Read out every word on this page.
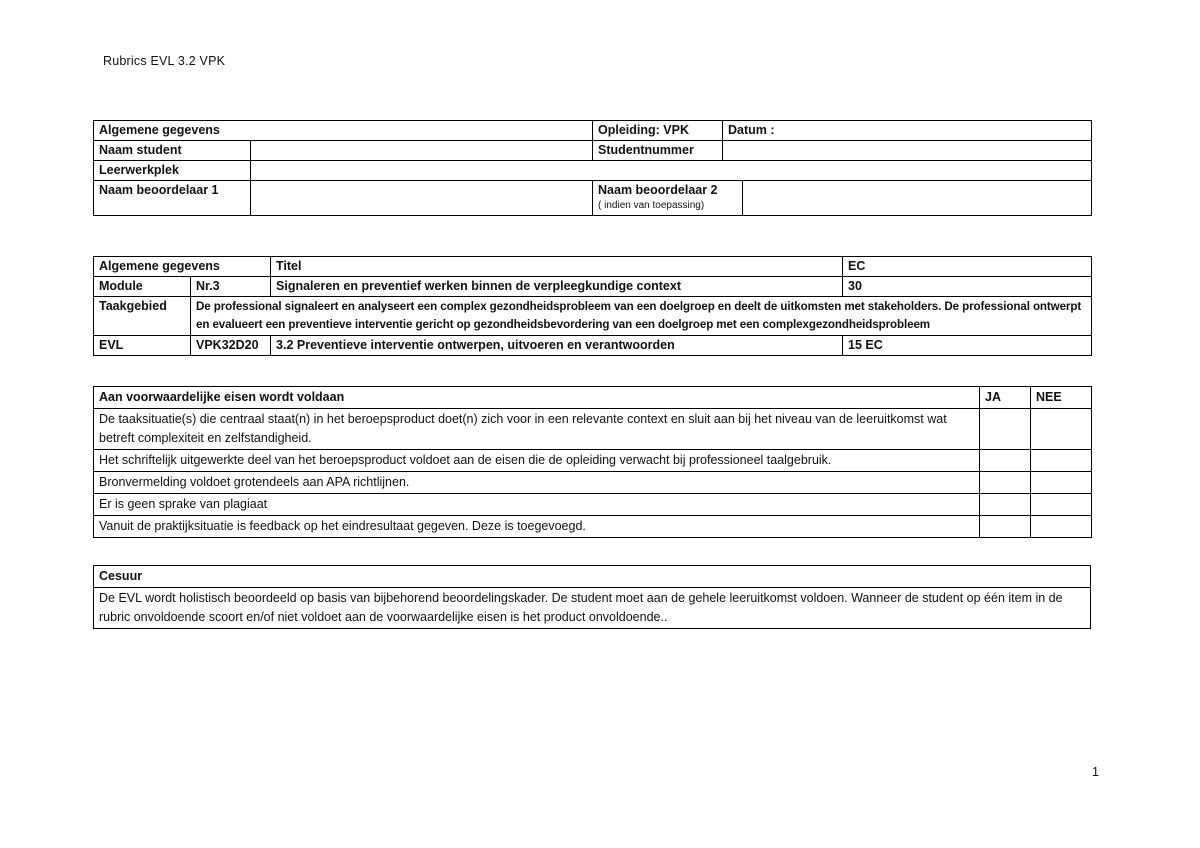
Rubrics EVL 3.2 VPK
Algemene gegevens		Opleiding: VPK	Datum :	
Naam student		Studentnummer		
Leerwerkplek				
Naam beoordelaar 1		Naam beoordelaar 2
( indien van toepassing)		

Algemene gegevens		Titel	EC
Module	Nr.3	Signaleren en preventief werken binnen de verpleegkundige context	30
Taakgebied	De professional signaleert en analyseert een complex gezondheidsprobleem van een doelgroep en deelt de uitkomsten met stakeholders. De professional ontwerpt en evalueert een preventieve interventie gericht op gezondheidsbevordering van een doelgroep met een complexgezondheidsprobleem		
EVL	VPK32D20	3.2 Preventieve interventie ontwerpen, uitvoeren en verantwoorden	15 EC
Aan voorwaardelijke eisen wordt voldaan	JA	NEE
De taaksituatie(s) die centraal staat(n) in het beroepsproduct doet(n) zich voor in een relevante context en sluit aan bij het niveau van de leeruitkomst wat betreft complexiteit en zelfstandigheid.		
Het schriftelijk uitgewerkte deel van het beroepsproduct voldoet aan de eisen die de opleiding verwacht bij professioneel taalgebruik.		
Bronvermelding voldoet grotendeels aan APA richtlijnen.		
Er is geen sprake van plagiaat		
Vanuit de praktijksituatie is feedback op het eindresultaat gegeven. Deze is toegevoegd.		
Cesuur
De EVL wordt holistisch beoordeeld op basis van bijbehorend beoordelingskader. De student moet aan de gehele leeruitkomst voldoen. Wanneer de student op één item in de rubric onvoldoende scoort en/of niet voldoet aan de voorwaardelijke eisen is het product onvoldoende..
1
